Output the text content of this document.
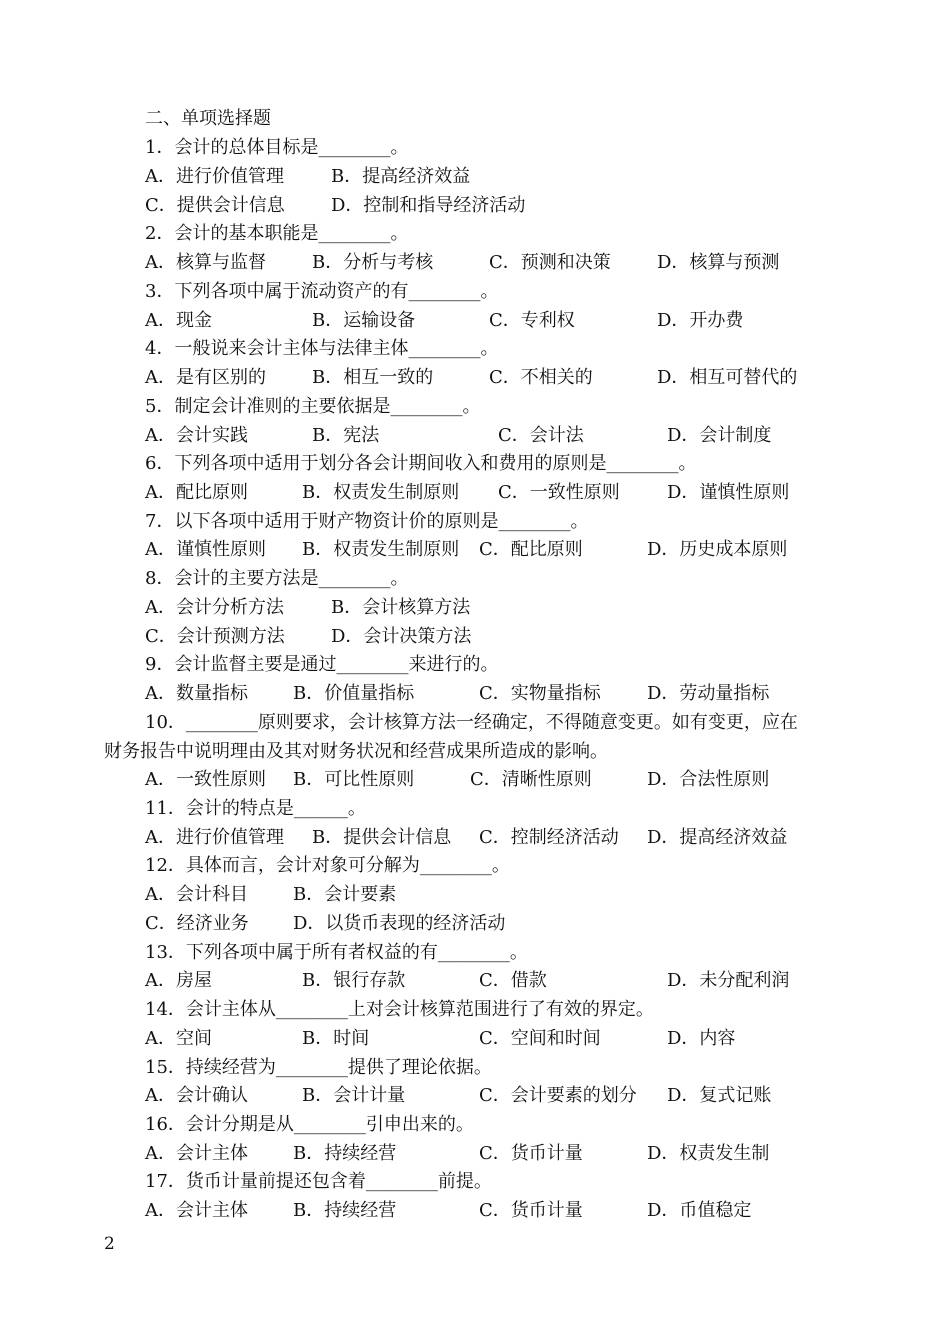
二、单项选择题
1．会计的总体目标是________。
A．进行价值管理	B．提高经济效益
C．提供会计信息	D．控制和指导经济活动
2．会计的基本职能是________。
A．核算与监督	B．分析与考核	C．预测和决策	D．核算与预测
3．下列各项中属于流动资产的有________。
A．现金	B．运输设备	C．专利权	D．开办费
4．一般说来会计主体与法律主体________。
A．是有区别的	B．相互一致的	C．不相关的	D．相互可替代的
5．制定会计准则的主要依据是________。
A．会计实践	B．宪法	C．会计法	D．会计制度
6．下列各项中适用于划分各会计期间收入和费用的原则是________。
A．配比原则	B．权责发生制原则 C．一致性原则	D．谨慎性原则
7．以下各项中适用于财产物资计价的原则是________。
A．谨慎性原则 B．权责发生制原则 C．配比原则	D．历史成本原则
8．会计的主要方法是________。
A．会计分析方法	B．会计核算方法
C．会计预测方法	D．会计决策方法
9．会计监督主要是通过________来进行的。
A．数量指标	B．价值量指标	C．实物量指标	D．劳动量指标
10．________原则要求，会计核算方法一经确定，不得随意变更。如有变更，应在
财务报告中说明理由及其对财务状况和经营成果所造成的影响。
A．一致性原则 B．可比性原则	C．清晰性原则	D．合法性原则
11．会计的特点是______。
A．进行价值管理 B．提供会计信息 C．控制经济活动 D．提高经济效益
12．具体而言，会计对象可分解为________。
A．会计科目	B．会计要素
C．经济业务 D．以货币表现的经济活动
13．下列各项中属于所有者权益的有________。
A．房屋	B．银行存款	C．借款	D．未分配利润
14．会计主体从________上对会计核算范围进行了有效的界定。
A．空间	B．时间	C．空间和时间	D．内容
15．持续经营为________提供了理论依据。
A．会计确认	B．会计计量	C．会计要素的划分 D．复式记账
16．会计分期是从________引申出来的。
A．会计主体	B．持续经营	C．货币计量	D．权责发生制
17．货币计量前提还包含着________前提。
A．会计主体	B．持续经营	C．货币计量	D．币值稳定
2
